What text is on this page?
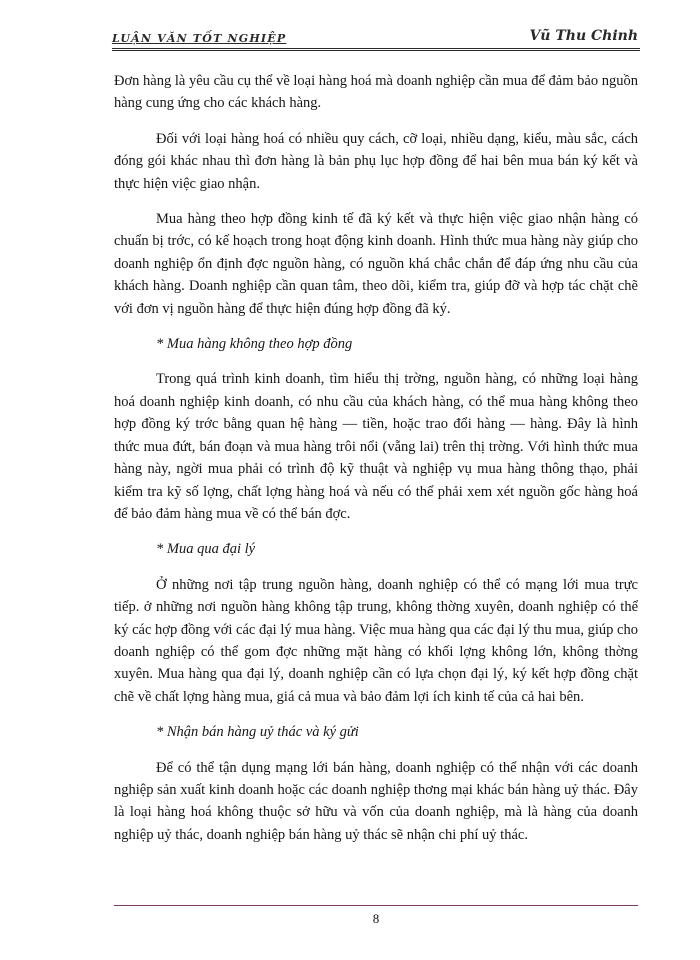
LUẬN VĂN TỐT NGHIỆP	Vũ Thu Chinh

Đơn hàng là yêu cầu cụ thể về loại hàng hoá mà doanh nghiệp cần mua để đảm bảo nguồn hàng cung ứng cho các khách hàng.

Đối với loại hàng hoá có nhiều quy cách, cỡ loại, nhiều dạng, kiểu, màu sắc, cách đóng gói khác nhau thì đơn hàng là bản phụ lục hợp đồng để hai bên mua bán ký kết và thực hiện việc giao nhận.

Mua hàng theo hợp đồng kinh tế đã ký kết và thực hiện việc giao nhận hàng có chuẩn bị trớc, có kế hoạch trong hoạt động kinh doanh. Hình thức mua hàng này giúp cho doanh nghiệp ổn định đợc nguồn hàng, có nguồn khá chắc chắn để đáp ứng nhu cầu của khách hàng. Doanh nghiệp cần quan tâm, theo dõi, kiểm tra, giúp đỡ và hợp tác chặt chẽ với đơn vị nguồn hàng để thực hiện đúng hợp đồng đã ký.

* Mua hàng không theo hợp đồng

Trong quá trình kinh doanh, tìm hiểu thị trờng, nguồn hàng, có những loại hàng hoá doanh nghiệp kinh doanh, có nhu cầu của khách hàng, có thể mua hàng không theo hợp đồng ký trớc bằng quan hệ hàng — tiền, hoặc trao đổi hàng — hàng. Đây là hình thức mua đứt, bán đoạn và mua hàng trôi nổi (vẵng lai) trên thị trờng. Với hình thức mua hàng này, ngời mua phải có trình độ kỹ thuật và nghiệp vụ mua hàng thông thạo, phải kiểm tra kỹ số lợng, chất lợng hàng hoá và nếu có thể phải xem xét nguồn gốc hàng hoá để bảo đảm hàng mua về có thể bán đợc.

* Mua qua đại lý

Ở những nơi tập trung nguồn hàng, doanh nghiệp có thể có mạng lới mua trực tiếp. ở những nơi nguồn hàng không tập trung, không thờng xuyên, doanh nghiệp có thể ký các hợp đồng với các đại lý mua hàng. Việc mua hàng qua các đại lý thu mua, giúp cho doanh nghiệp có thể gom đợc những mặt hàng có khối lợng không lớn, không thờng xuyên. Mua hàng qua đại lý, doanh nghiệp cần có lựa chọn đại lý, ký kết hợp đồng chặt chẽ về chất lợng hàng mua, giá cả mua và bảo đảm lợi ích kinh tế của cả hai bên.

* Nhận bán hàng uỷ thác và ký gửi

Để có thể tận dụng mạng lới bán hàng, doanh nghiệp có thể nhận với các doanh nghiệp sản xuất kinh doanh hoặc các doanh nghiệp thơng mại khác bán hàng uỷ thác. Đây là loại hàng hoá không thuộc sở hữu và vốn của doanh nghiệp, mà là hàng của doanh nghiệp uỷ thác, doanh nghiệp bán hàng uỷ thác sẽ nhận chi phí uỷ thác.

8
